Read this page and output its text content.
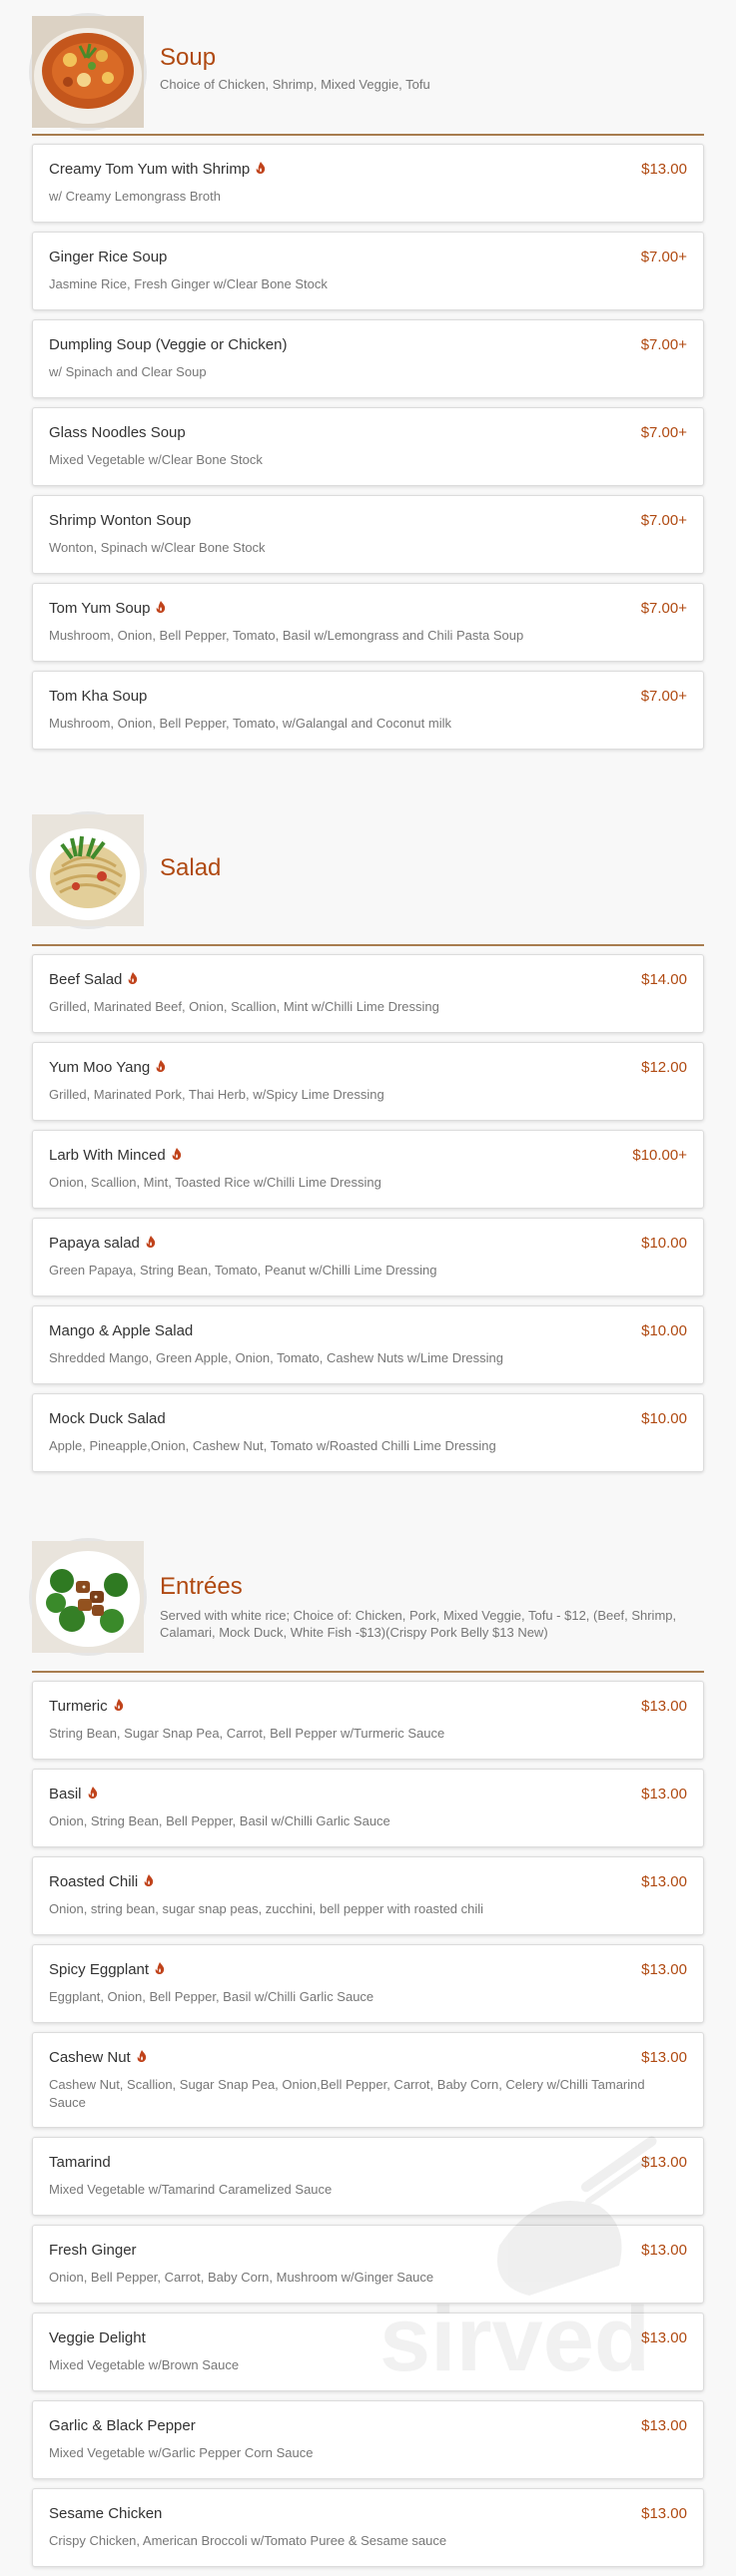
Soup
Choice of Chicken, Shrimp, Mixed Veggie, Tofu
Creamy Tom Yum with Shrimp	$13.00
w/ Creamy Lemongrass Broth
Ginger Rice Soup	$7.00+
Jasmine Rice, Fresh Ginger w/Clear Bone Stock
Dumpling Soup (Veggie or Chicken)	$7.00+
w/ Spinach and Clear Soup
Glass Noodles Soup	$7.00+
Mixed Vegetable w/Clear Bone Stock
Shrimp Wonton Soup	$7.00+
Wonton, Spinach w/Clear Bone Stock
Tom Yum Soup	$7.00+
Mushroom, Onion, Bell Pepper, Tomato, Basil w/Lemongrass and Chili Pasta Soup
Tom Kha Soup	$7.00+
Mushroom, Onion, Bell Pepper, Tomato, w/Galangal and Coconut milk
Salad
Beef Salad	$14.00
Grilled, Marinated Beef, Onion, Scallion, Mint w/Chilli Lime Dressing
Yum Moo Yang	$12.00
Grilled, Marinated Pork, Thai Herb, w/Spicy Lime Dressing
Larb With Minced	$10.00+
Onion, Scallion, Mint, Toasted Rice w/Chilli Lime Dressing
Papaya salad	$10.00
Green Papaya, String Bean, Tomato, Peanut w/Chilli Lime Dressing
Mango & Apple Salad	$10.00
Shredded Mango, Green Apple, Onion, Tomato, Cashew Nuts w/Lime Dressing
Mock Duck Salad	$10.00
Apple, Pineapple,Onion, Cashew Nut, Tomato w/Roasted Chilli Lime Dressing
Entrées
Served with white rice; Choice of: Chicken, Pork, Mixed Veggie, Tofu - $12, (Beef, Shrimp, Calamari, Mock Duck, White Fish -$13)(Crispy Pork Belly $13 New)
Turmeric	$13.00
String Bean, Sugar Snap Pea, Carrot, Bell Pepper w/Turmeric Sauce
Basil	$13.00
Onion, String Bean, Bell Pepper, Basil w/Chilli Garlic Sauce
Roasted Chili	$13.00
Onion, string bean, sugar snap peas, zucchini, bell pepper with roasted chili
Spicy Eggplant	$13.00
Eggplant, Onion, Bell Pepper, Basil w/Chilli Garlic Sauce
Cashew Nut	$13.00
Cashew Nut, Scallion, Sugar Snap Pea, Onion,Bell Pepper, Carrot, Baby Corn, Celery w/Chilli Tamarind Sauce
Tamarind	$13.00
Mixed Vegetable w/Tamarind Caramelized Sauce
Fresh Ginger	$13.00
Onion, Bell Pepper, Carrot, Baby Corn, Mushroom w/Ginger Sauce
Veggie Delight	$13.00
Mixed Vegetable w/Brown Sauce
Garlic & Black Pepper	$13.00
Mixed Vegetable w/Garlic Pepper Corn Sauce
Sesame Chicken	$13.00
Crispy Chicken, American Broccoli w/Tomato Puree & Sesame sauce
